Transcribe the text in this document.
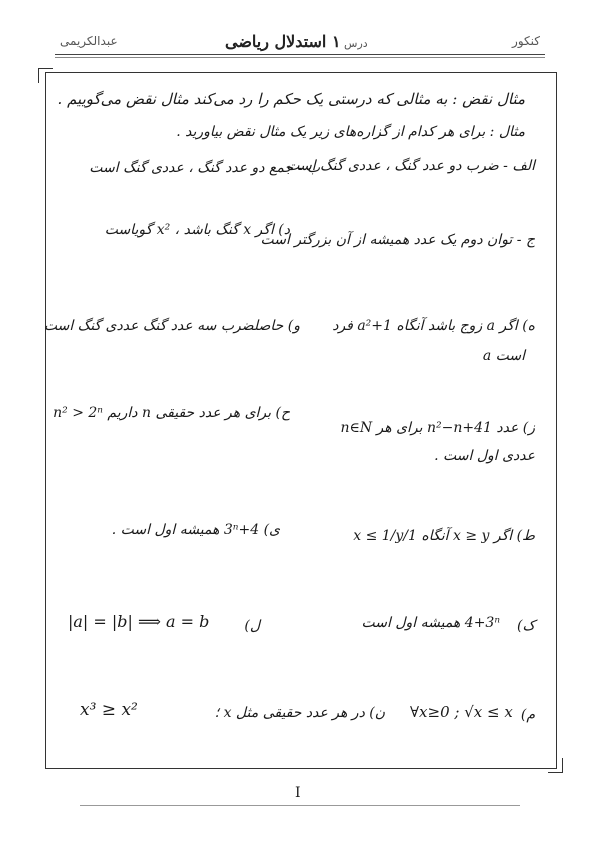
کنکور
درس ۱ استدلال ریاضی
عبدالکریمی
مثال نقض : به مثالی که درستی یک حکم را رد می‌کند مثال نقض می‌گوییم .
مثال : برای هر کدام از گزاره‌های زیر یک مثال نقض بیاورید .
الف - ضرب دو عدد گنگ ، عددی گنگ است
ب - جمع دو عدد گنگ ، عددی گنگ است
ج - توان دوم یک عدد همیشه از آن بزرگتر است
د) اگر x گنگ باشد ، x² گویاست
ه) اگر a زوج باشد آنگاه a²+1 فرد
است a
و) حاصلضرب سه عدد گنگ عددی گنگ است
ز) عدد n²−n+41 برای هر n∈N
عددی اول است .
ح) برای هر عدد حقیقی n داریم n² > 2ⁿ
ط) اگر x ≥ y آنگاه 1/x ≤ 1/y
ی) 4+3ⁿ همیشه اول است .
ک)
4+3ⁿ همیشه اول است
ل)
|a| = |b| ⟹ a = b
م)
∀x≥0 ; √x ≤ x
ن) در هر عدد حقیقی مثل x ؛
x³ ≥ x²
I
